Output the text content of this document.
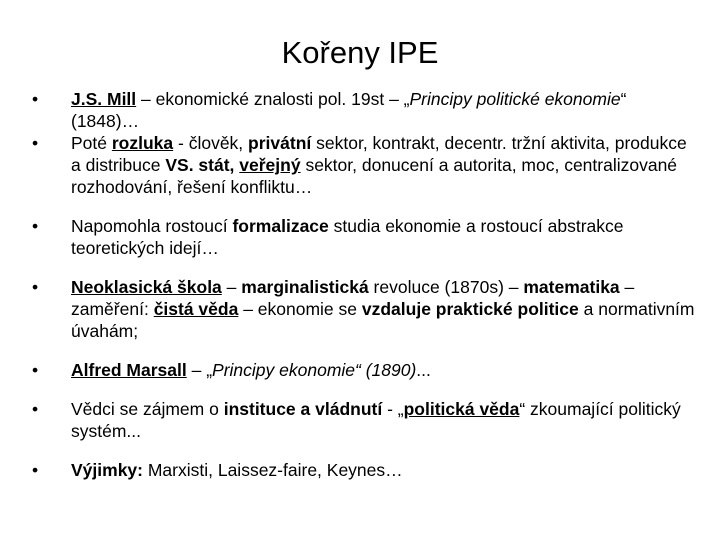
Kořeny IPE
• J.S. Mill – ekonomické znalosti pol. 19st – „Principy politické ekonomie“ (1848)…
• Poté rozluka - člověk, privátní sektor, kontrakt, decentr. tržní aktivita, produkce a distribuce VS. stát, veřejný sektor, donucení a autorita, moc, centralizované rozhodování, řešení konfliktu…
• Napomohla rostoucí formalizace studia ekonomie a rostoucí abstrakce teoretických idejí…
• Neoklasická škola – marginalistická revoluce (1870s) – matematika – zaměření: čistá věda – ekonomie se vzdaluje praktické politice a normativním úvahám;
• Alfred Marsall – „Principy ekonomie“ (1890)...
• Vědci se zájmem o instituce a vládnutí - „politická věda“ zkoumající politický systém...
• Výjimky: Marxisti, Laissez-faire, Keynes…
